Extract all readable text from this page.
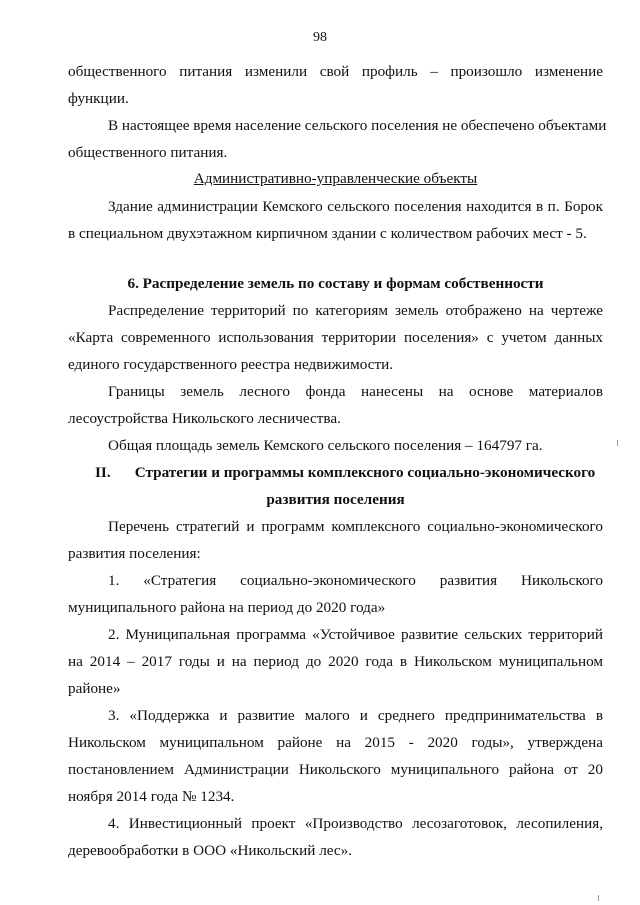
98
общественного питания изменили свой профиль – произошло изменение
функции.
В настоящее время население сельского поселения не обеспечено объектами
общественного питания.
Административно-управленческие объекты
Здание администрации Кемского сельского поселения находится в п. Борок
в специальном двухэтажном кирпичном здании с количеством рабочих мест - 5.
6. Распределение земель по составу и формам собственности
Распределение территорий по категориям земель отображено на чертеже
«Карта современного использования территории поселения» с учетом данных
единого государственного реестра недвижимости.
Границы земель лесного фонда нанесены на основе материалов
лесоустройства Никольского лесничества.
Общая площадь земель Кемского сельского поселения – 164797 га.
II.	Стратегии и программы комплексного социально-экономического
развития поселения
Перечень стратегий и программ комплексного социально-экономического
развития поселения:
1. «Стратегия социально-экономического развития Никольского
муниципального района на период до 2020 года»
2. Муниципальная программа «Устойчивое развитие сельских территорий
на 2014 – 2017 годы и на период до 2020 года в Никольском муниципальном
районе»
3. «Поддержка и развитие малого и среднего предпринимательства в
Никольском муниципальном районе на 2015 - 2020 годы», утверждена
постановлением Администрации Никольского муниципального района от 20
ноября 2014 года № 1234.
4. Инвестиционный проект «Производство лесозаготовок, лесопиления,
деревообработки в ООО «Никольский лес».
